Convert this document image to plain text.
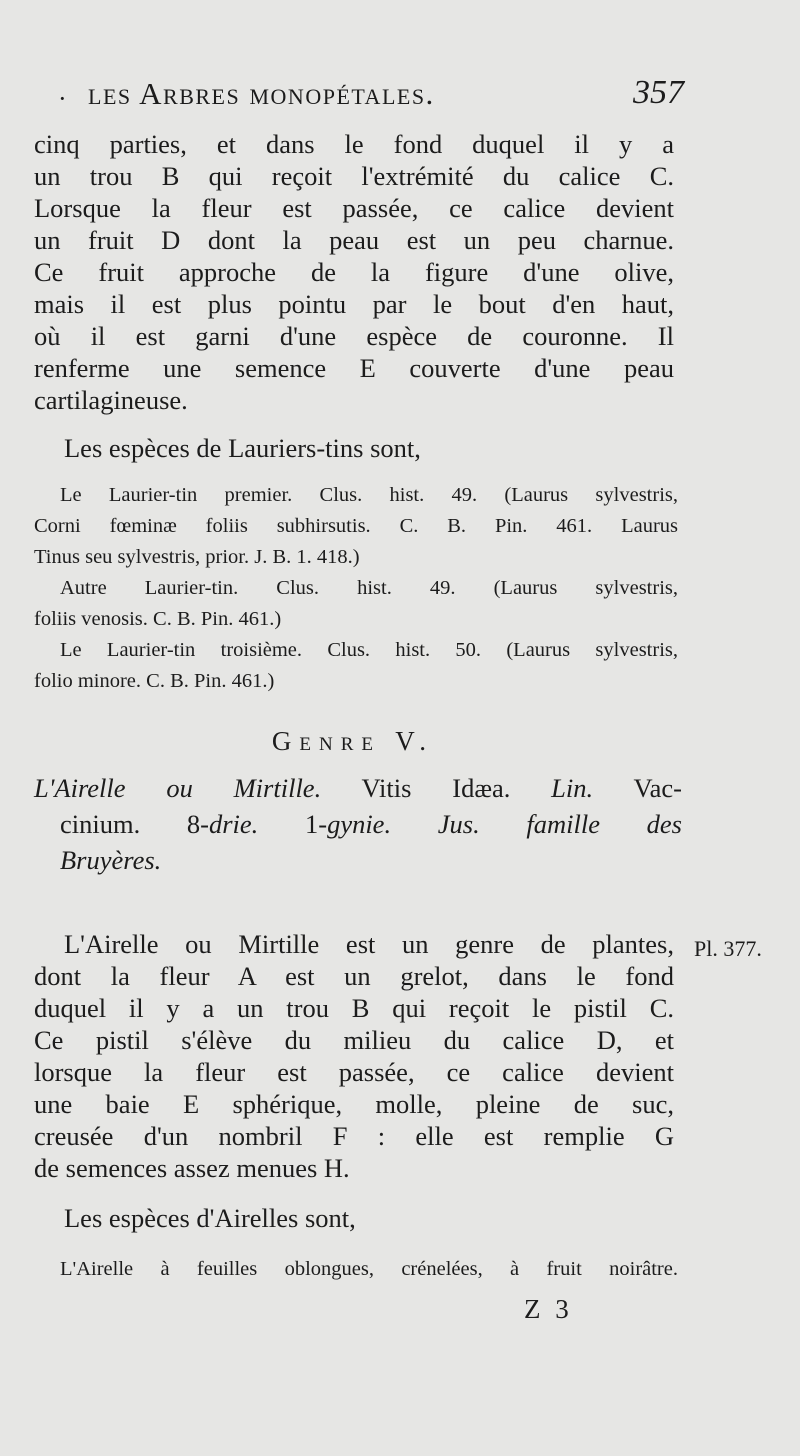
· les Arbres monopétales.	357
cinq parties, et dans le fond duquel il y a
un trou B qui reçoit l'extrémité du calice C.
Lorsque la fleur est passée, ce calice devient
un fruit D dont la peau est un peu charnue.
Ce fruit approche de la figure d'une olive,
mais il est plus pointu par le bout d'en haut,
où il est garni d'une espèce de couronne. Il
renferme une semence E couverte d'une peau
cartilagineuse.
Les espèces de Lauriers-tins sont,
Le Laurier-tin premier. Clus. hist. 49. (Laurus sylvestris,
Corni fœminæ foliis subhirsutis. C. B. Pin. 461. Laurus
Tinus seu sylvestris, prior. J. B. 1. 418.)
Autre Laurier-tin. Clus. hist. 49. (Laurus sylvestris,
foliis venosis. C. B. Pin. 461.)
Le Laurier-tin troisième. Clus. hist. 50. (Laurus sylvestris,
folio minore. C. B. Pin. 461.)
Genre V.
L'Airelle ou Mirtille. Vitis Idæa. Lin. Vac-
cinium. 8-drie. 1-gynie. Jus. famille des
Bruyères.
L'Airelle ou Mirtille est un genre de plantes,
dont la fleur A est un grelot, dans le fond
duquel il y a un trou B qui reçoit le pistil C.
Ce pistil s'élève du milieu du calice D, et
lorsque la fleur est passée, ce calice devient
une baie E sphérique, molle, pleine de suc,
creusée d'un nombril F : elle est remplie G
de semences assez menues H.
Pl. 377.
Les espèces d'Airelles sont,
L'Airelle à feuilles oblongues, crénelées, à fruit noirâtre.
Z 3
